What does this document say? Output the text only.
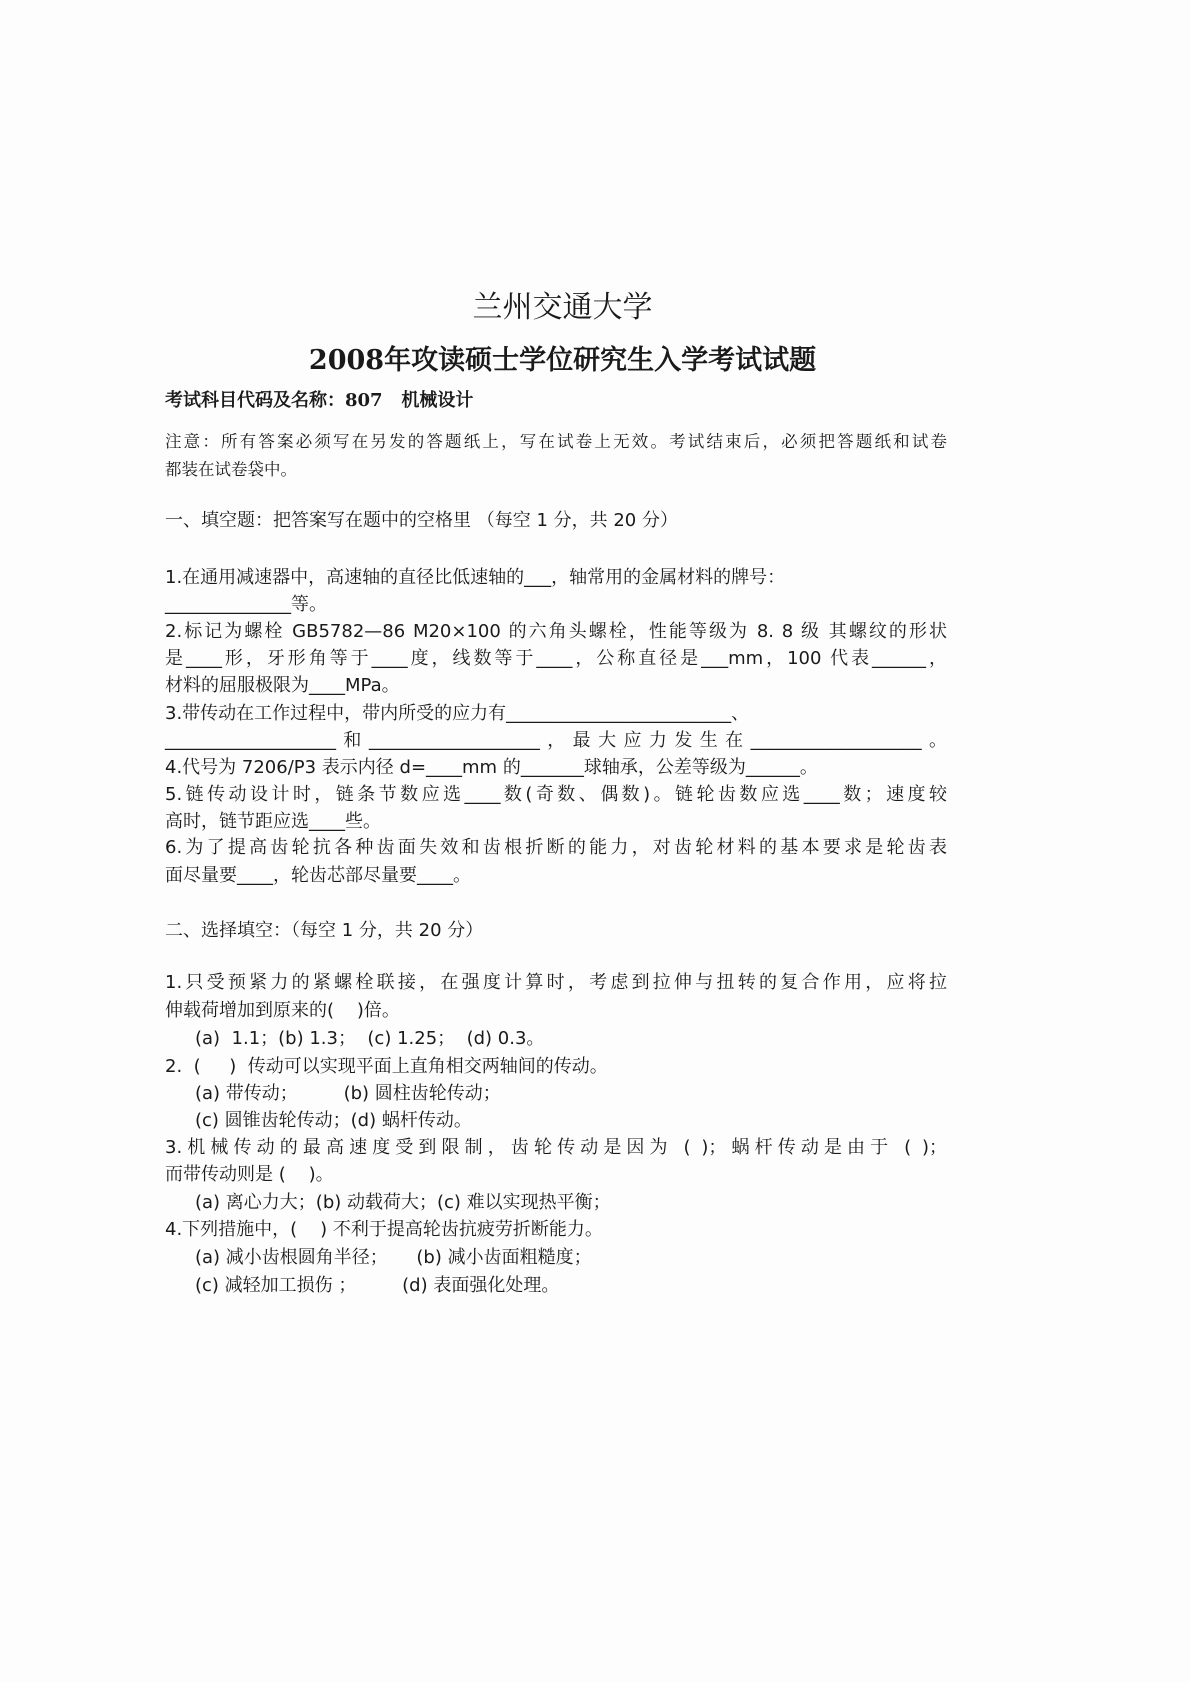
兰州交通大学
2008年攻读硕士学位研究生入学考试试题
考试科目代码及名称：807   机械设计
注意：所有答案必须写在另发的答题纸上，写在试卷上无效。考试结束后，必须把答题纸和试卷
都装在试卷袋中。
一、填空题：把答案写在题中的空格里 （每空 1 分，共 20 分）
1.在通用减速器中，高速轴的直径比低速轴的___，轴常用的金属材料的牌号：
______________等。
2.标记为螺栓 GB5782—86 M20×100 的六角头螺栓，性能等级为 8. 8 级 其螺纹的形状
是____形，牙形角等于____度，线数等于____，公称直径是___mm，100 代表______，
材料的屈服极限为____MPa。
3.带传动在工作过程中，带内所受的应力有_________________________、
___________________和___________________，最大应力发生在___________________。
4.代号为 7206/P3 表示内径 d=____mm 的_______球轴承，公差等级为______。
5.链传动设计时，链条节数应选____数(奇数、偶数)。链轮齿数应选____数；速度较
高时，链节距应选____些。
6.为了提高齿轮抗各种齿面失效和齿根折断的能力，对齿轮材料的基本要求是轮齿表
面尽量要____，轮齿芯部尽量要____。
二、选择填空：（每空 1 分，共 20 分）
1.只受预紧力的紧螺栓联接，在强度计算时，考虑到拉伸与扭转的复合作用，应将拉
伸载荷增加到原来的(    )倍。
(a)  1.1；(b) 1.3；  (c) 1.25；  (d) 0.3。
2.  (     )  传动可以实现平面上直角相交两轴间的传动。
(a) 带传动；        (b) 圆柱齿轮传动；
(c) 圆锥齿轮传动；(d) 蜗杆传动。
3.机械传动的最高速度受到限制，齿轮传动是因为 ( )；蜗杆传动是由于 ( )；
而带传动则是 (    )。
(a) 离心力大；(b) 动载荷大；(c) 难以实现热平衡；
4.下列措施中，(    ) 不利于提高轮齿抗疲劳折断能力。
(a) 减小齿根圆角半径；     (b) 减小齿面粗糙度；
(c) 减轻加工损伤 ；        (d) 表面强化处理。
